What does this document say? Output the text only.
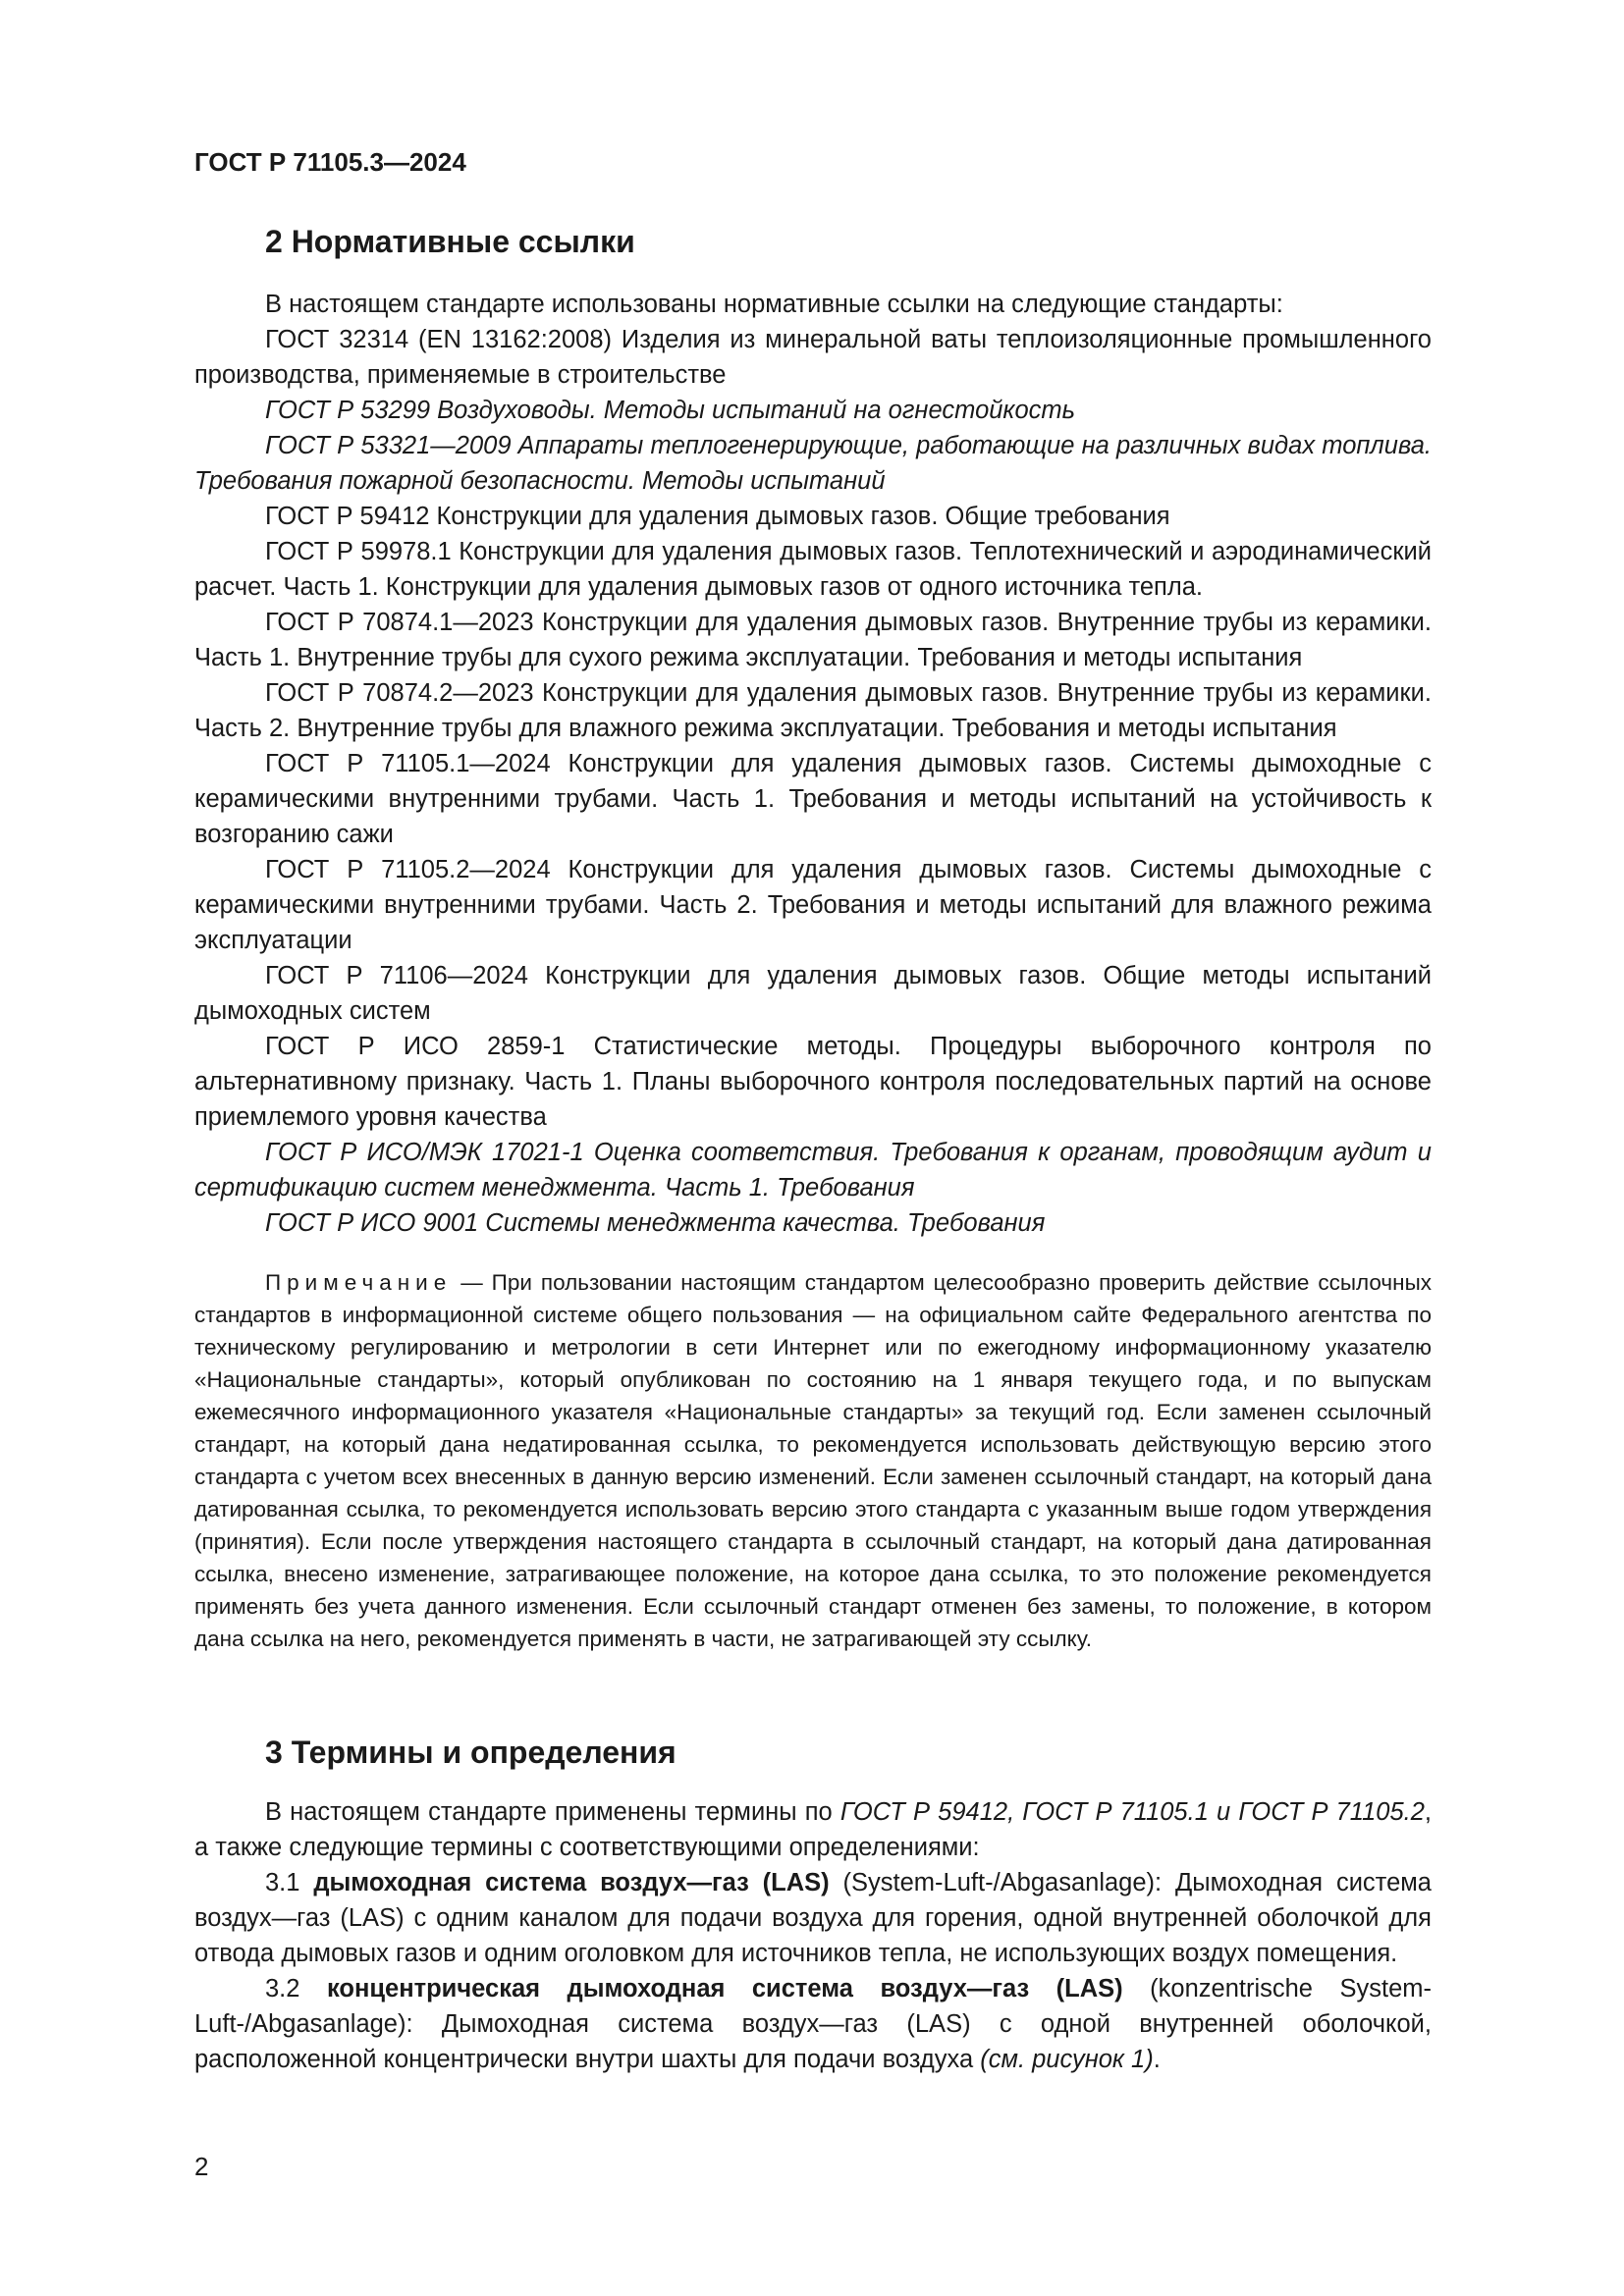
ГОСТ Р 71105.3—2024
2 Нормативные ссылки

В настоящем стандарте использованы нормативные ссылки на следующие стандарты:

ГОСТ 32314 (EN 13162:2008) Изделия из минеральной ваты теплоизоляционные промышленного производства, применяемые в строительстве

ГОСТ Р 53299 Воздуховоды. Методы испытаний на огнестойкость

ГОСТ Р 53321—2009 Аппараты теплогенерирующие, работающие на различных видах топлива. Требования пожарной безопасности. Методы испытаний

ГОСТ Р 59412 Конструкции для удаления дымовых газов. Общие требования

ГОСТ Р 59978.1 Конструкции для удаления дымовых газов. Теплотехнический и аэродинамический расчет. Часть 1. Конструкции для удаления дымовых газов от одного источника тепла.

ГОСТ Р 70874.1—2023 Конструкции для удаления дымовых газов. Внутренние трубы из керамики. Часть 1. Внутренние трубы для сухого режима эксплуатации. Требования и методы испытания

ГОСТ Р 70874.2—2023 Конструкции для удаления дымовых газов. Внутренние трубы из керамики. Часть 2. Внутренние трубы для влажного режима эксплуатации. Требования и методы испытания

ГОСТ Р 71105.1—2024 Конструкции для удаления дымовых газов. Системы дымоходные с керамическими внутренними трубами. Часть 1. Требования и методы испытаний на устойчивость к возгоранию сажи

ГОСТ Р 71105.2—2024 Конструкции для удаления дымовых газов. Системы дымоходные с керамическими внутренними трубами. Часть 2. Требования и методы испытаний для влажного режима эксплуатации

ГОСТ Р 71106—2024 Конструкции для удаления дымовых газов. Общие методы испытаний дымоходных систем

ГОСТ Р ИСО 2859-1 Статистические методы. Процедуры выборочного контроля по альтернативному признаку. Часть 1. Планы выборочного контроля последовательных партий на основе приемлемого уровня качества

ГОСТ Р ИСО/МЭК 17021-1 Оценка соответствия. Требования к органам, проводящим аудит и сертификацию систем менеджмента. Часть 1. Требования

ГОСТ Р ИСО 9001 Системы менеджмента качества. Требования

Примечание — При пользовании настоящим стандартом целесообразно проверить действие ссылочных стандартов в информационной системе общего пользования — на официальном сайте Федерального агентства по техническому регулированию и метрологии в сети Интернет или по ежегодному информационному указателю «Национальные стандарты», который опубликован по состоянию на 1 января текущего года, и по выпускам ежемесячного информационного указателя «Национальные стандарты» за текущий год. Если заменен ссылочный стандарт, на который дана недатированная ссылка, то рекомендуется использовать действующую версию этого стандарта с учетом всех внесенных в данную версию изменений. Если заменен ссылочный стандарт, на который дана датированная ссылка, то рекомендуется использовать версию этого стандарта с указанным выше годом утверждения (принятия). Если после утверждения настоящего стандарта в ссылочный стандарт, на который дана датированная ссылка, внесено изменение, затрагивающее положение, на которое дана ссылка, то это положение рекомендуется применять без учета данного изменения. Если ссылочный стандарт отменен без замены, то положение, в котором дана ссылка на него, рекомендуется применять в части, не затрагивающей эту ссылку.

3 Термины и определения

В настоящем стандарте применены термины по ГОСТ Р 59412, ГОСТ Р 71105.1 и ГОСТ Р 71105.2, а также следующие термины с соответствующими определениями:

3.1 дымоходная система воздух—газ (LAS) (System-Luft-/Abgasanlage): Дымоходная система воздух—газ (LAS) с одним каналом для подачи воздуха для горения, одной внутренней оболочкой для отвода дымовых газов и одним оголовком для источников тепла, не использующих воздух помещения.

3.2 концентрическая дымоходная система воздух—газ (LAS) (konzentrische System-Luft-/Abgasanlage): Дымоходная система воздух—газ (LAS) с одной внутренней оболочкой, расположенной концентрически внутри шахты для подачи воздуха (см. рисунок 1).

2
